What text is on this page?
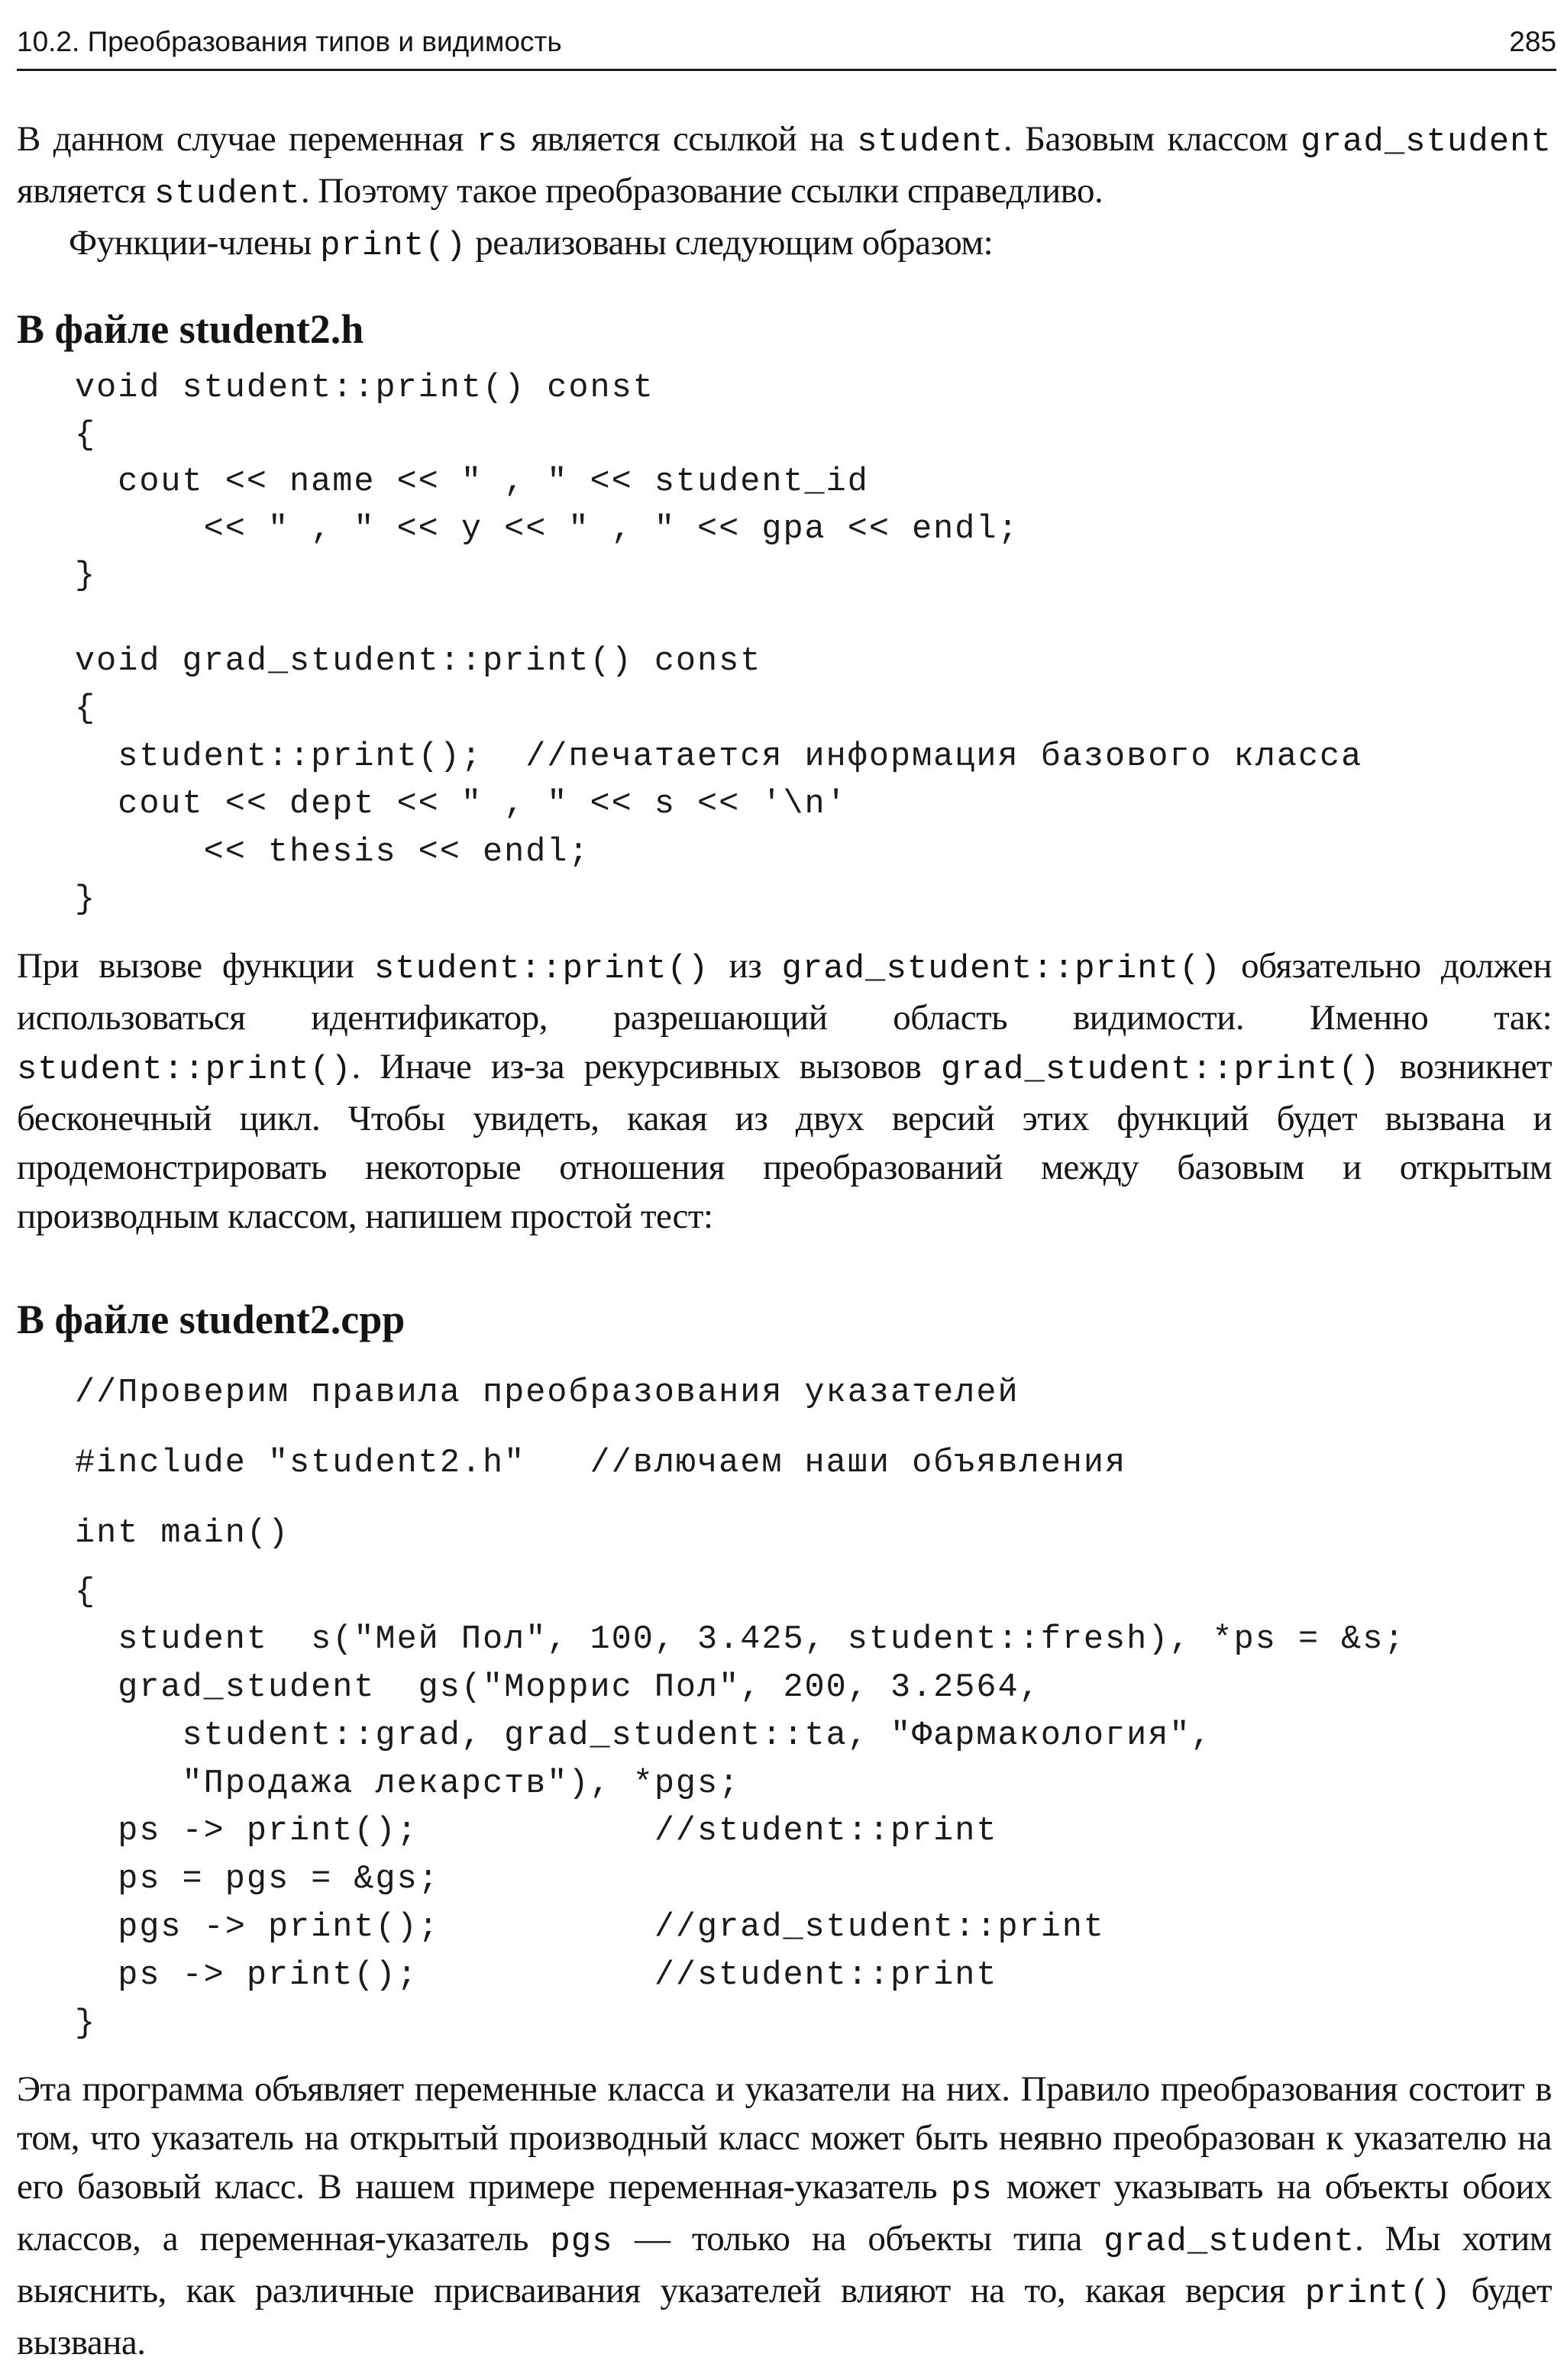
10.2. Преобразования типов и видимость	285

В данном случае переменная rs является ссылкой на student. Базовым классом grad_student является student. Поэтому такое преобразование ссылки справедливо.

Функции-члены print() реализованы следующим образом:

В файле student2.h
void student::print() const
{
cout << name << " , " << student_id
<< " , " << y << " , " << gpa << endl;
}
void grad_student::print() const
{
student::print();  //печатается информация базового класса
cout << dept << " , " << s << '\n'
<< thesis << endl;
}

При вызове функции student::print() из grad_student::print() обязательно должен использоваться идентификатор, разрешающий область видимости. Именно так: student::print(). Иначе из-за рекурсивных вызовов grad_student::print() возникнет бесконечный цикл. Чтобы увидеть, какая из двух версий этих функций будет вызвана и продемонстрировать некоторые отношения преобразований между базовым и открытым производным классом, напишем простой тест:

В файле student2.cpp
//Проверим правила преобразования указателей
#include "student2.h"   //влючаем наши объявления
int main()
{
student  s("Мей Пол", 100, 3.425, student::fresh), *ps = &s;
grad_student  gs("Моррис Пол", 200, 3.2564,
student::grad, grad_student::ta, "Фармакология",
"Продажа лекарств"), *pgs;
ps -> print();           //student::print
ps = pgs = &gs;
pgs -> print();          //grad_student::print
ps -> print();           //student::print
}

Эта программа объявляет переменные класса и указатели на них. Правило преобразования состоит в том, что указатель на открытый производный класс может быть неявно преобразован к указателю на его базовый класс. В нашем примере переменная-указатель ps может указывать на объекты обоих классов, а переменная-указатель pgs — только на объекты типа grad_student. Мы хотим выяснить, как различные присваивания указателей влияют на то, какая версия print() будет вызвана.
